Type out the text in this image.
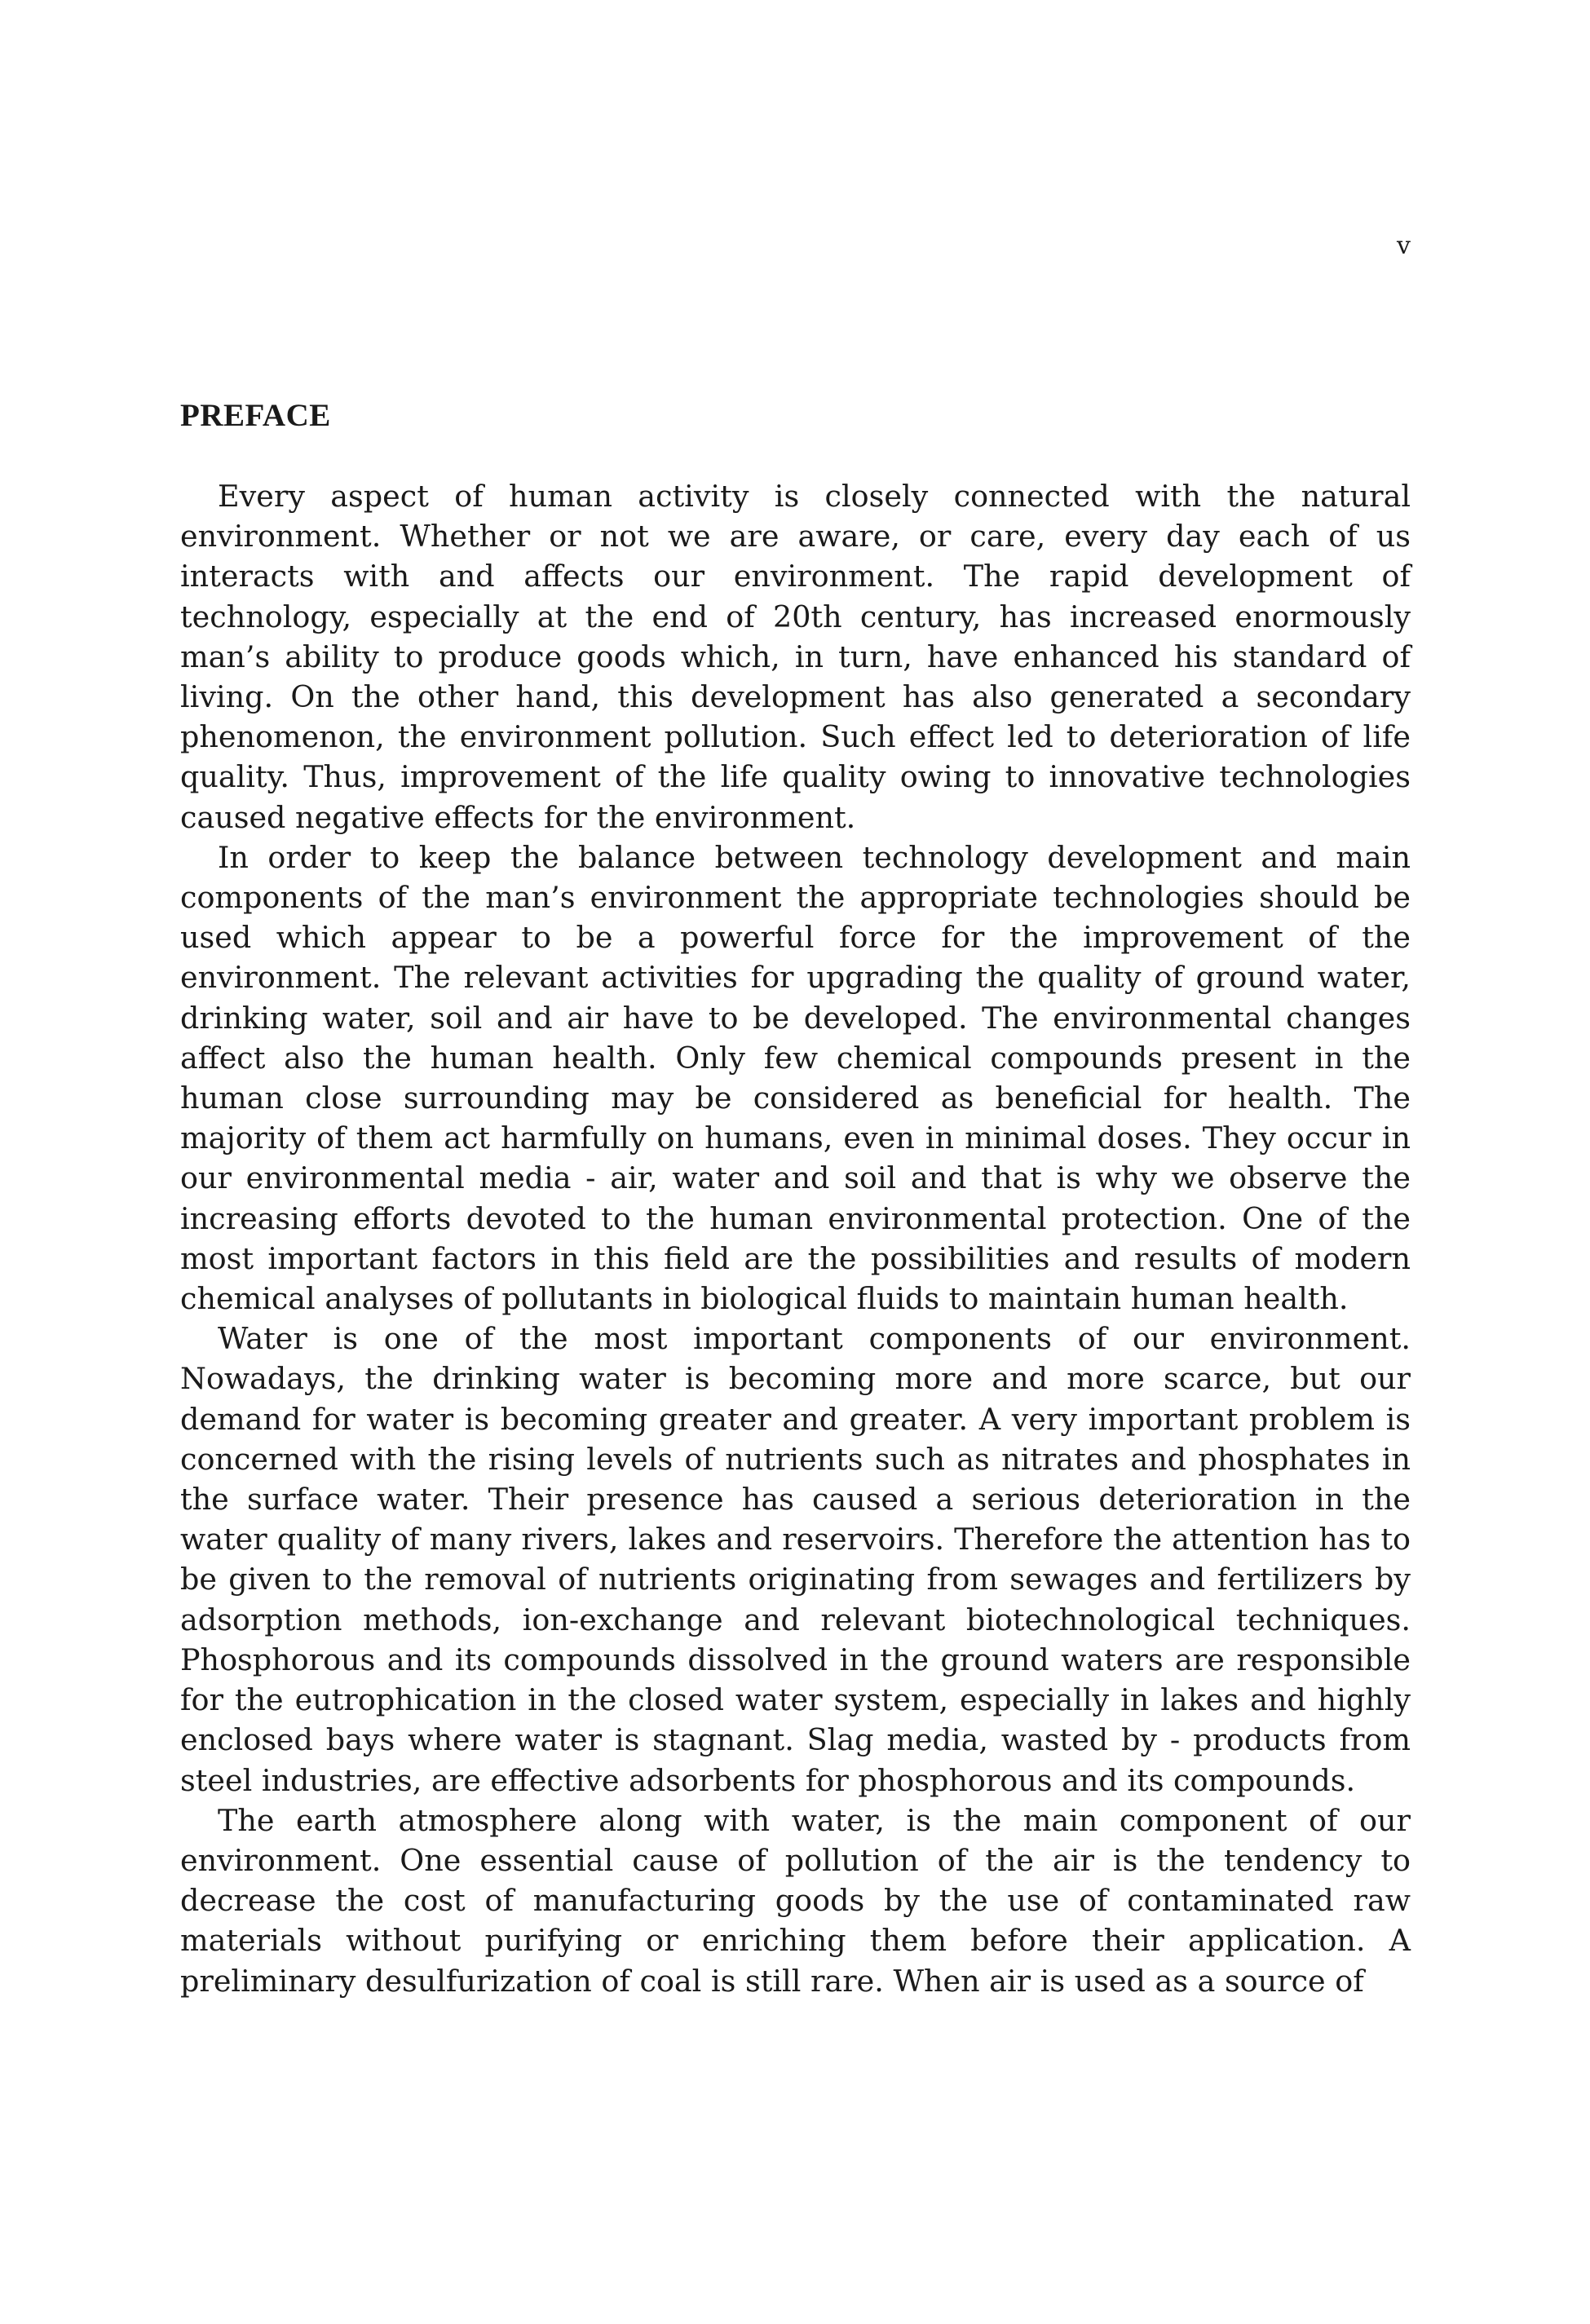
v
PREFACE

Every aspect of human activity is closely connected with the natural environment. Whether or not we are aware, or care, every day each of us interacts with and affects our environment. The rapid development of technology, especially at the end of 20th century, has increased enormously man’s ability to produce goods which, in turn, have enhanced his standard of living. On the other hand, this development has also generated a secondary phenomenon, the environment pollution. Such effect led to deterioration of life quality. Thus, improvement of the life quality owing to innovative technologies caused negative effects for the environment.

In order to keep the balance between technology development and main components of the man’s environment the appropriate technologies should be used which appear to be a powerful force for the improvement of the environment. The relevant activities for upgrading the quality of ground water, drinking water, soil and air have to be developed. The environmental changes affect also the human health. Only few chemical compounds present in the human close surrounding may be considered as beneficial for health. The majority of them act harmfully on humans, even in minimal doses. They occur in our environmental media - air, water and soil and that is why we observe the increasing efforts devoted to the human environmental protection. One of the most important factors in this field are the possibilities and results of modern chemical analyses of pollutants in biological fluids to maintain human health.

Water is one of the most important components of our environment. Nowadays, the drinking water is becoming more and more scarce, but our demand for water is becoming greater and greater. A very important problem is concerned with the rising levels of nutrients such as nitrates and phosphates in the surface water. Their presence has caused a serious deterioration in the water quality of many rivers, lakes and reservoirs. Therefore the attention has to be given to the removal of nutrients originating from sewages and fertilizers by adsorption methods, ion-exchange and relevant biotechnological techniques. Phosphorous and its compounds dissolved in the ground waters are responsible for the eutrophication in the closed water system, especially in lakes and highly enclosed bays where water is stagnant. Slag media, wasted by - products from steel industries, are effective adsorbents for phosphorous and its compounds.

The earth atmosphere along with water, is the main component of our environment. One essential cause of pollution of the air is the tendency to decrease the cost of manufacturing goods by the use of contaminated raw materials without purifying or enriching them before their application. A preliminary desulfurization of coal is still rare. When air is used as a source of
